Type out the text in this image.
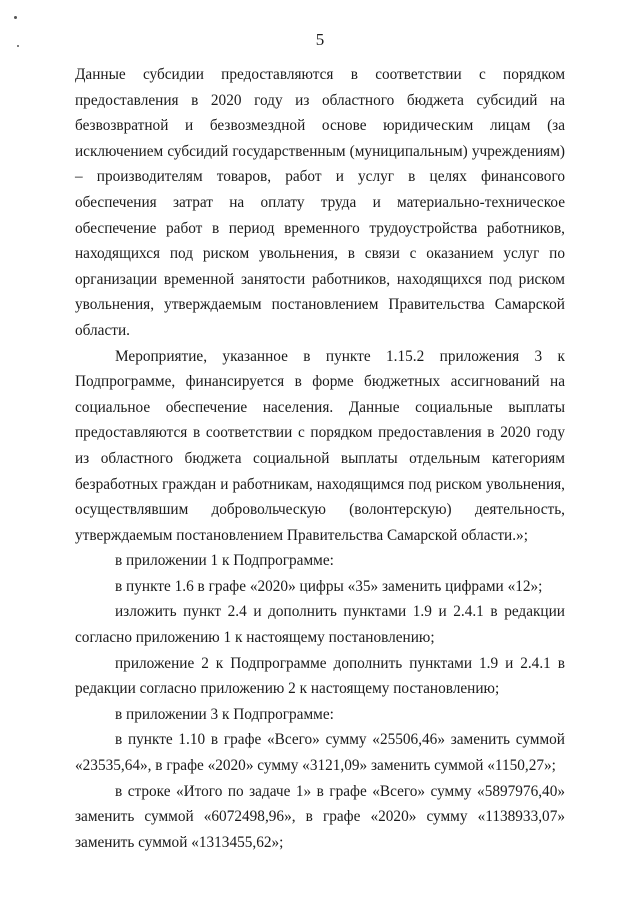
5

Данные субсидии предоставляются в соответствии с порядком предоставления в 2020 году из областного бюджета субсидий на безвозвратной и безвозмездной основе юридическим лицам (за исключением субсидий государственным (муниципальным) учреждениям) – производителям товаров, работ и услуг в целях финансового обеспечения затрат на оплату труда и материально-техническое обеспечение работ в период временного трудоустройства работников, находящихся под риском увольнения, в связи с оказанием услуг по организации временной занятости работников, находящихся под риском увольнения, утверждаемым постановлением Правительства Самарской области.

Мероприятие, указанное в пункте 1.15.2 приложения 3 к Подпрограмме, финансируется в форме бюджетных ассигнований на социальное обеспечение населения. Данные социальные выплаты предоставляются в соответствии с порядком предоставления в 2020 году из областного бюджета социальной выплаты отдельным категориям безработных граждан и работникам, находящимся под риском увольнения, осуществлявшим добровольческую (волонтерскую) деятельность, утверждаемым постановлением Правительства Самарской области.»;

в приложении 1 к Подпрограмме:

в пункте 1.6 в графе «2020» цифры «35» заменить цифрами «12»;

изложить пункт 2.4 и дополнить пунктами 1.9 и 2.4.1 в редакции согласно приложению 1 к настоящему постановлению;

приложение 2 к Подпрограмме дополнить пунктами 1.9 и 2.4.1 в редакции согласно приложению 2 к настоящему постановлению;

в приложении 3 к Подпрограмме:

в пункте 1.10 в графе «Всего» сумму «25506,46» заменить суммой «23535,64», в графе «2020» сумму «3121,09» заменить суммой «1150,27»;

в строке «Итого по задаче 1» в графе «Всего» сумму «5897976,40» заменить суммой «6072498,96», в графе «2020» сумму «1138933,07» заменить суммой «1313455,62»;
